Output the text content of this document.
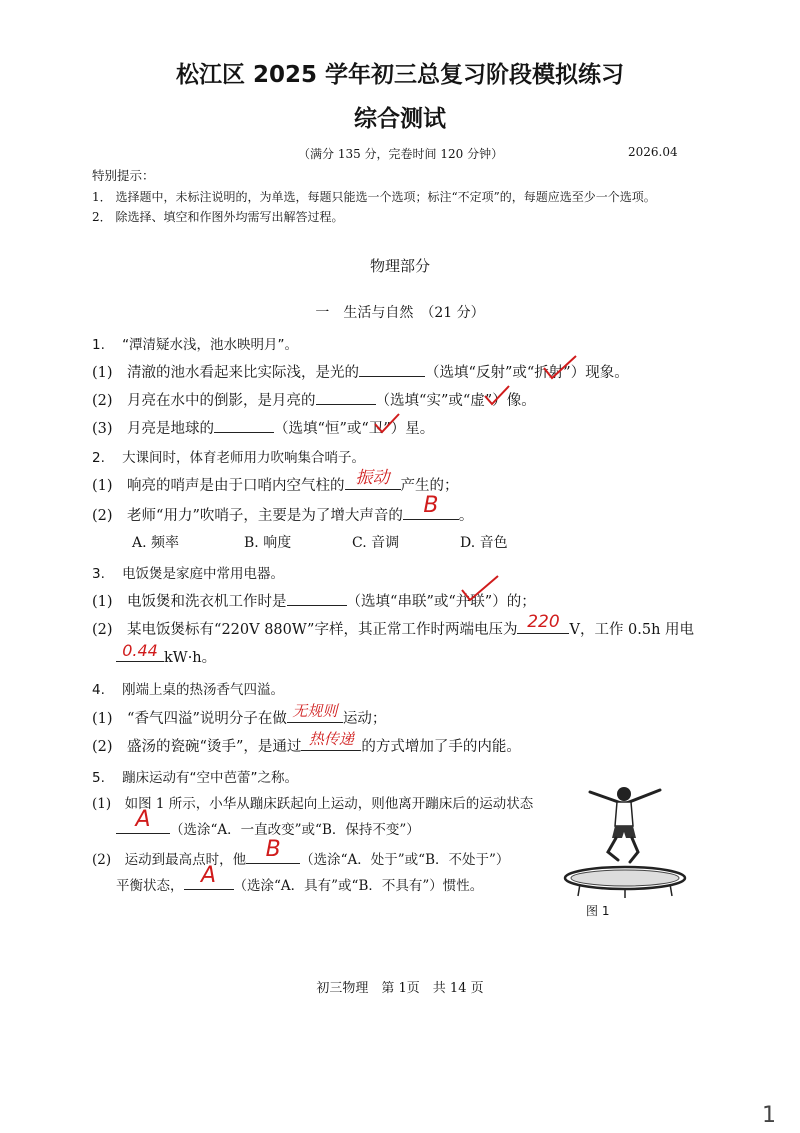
松江区 2025 学年初三总复习阶段模拟练习
综合测试
（满分 135 分，完卷时间 120 分钟）	2026.04
特别提示：
1． 选择题中，未标注说明的，为单选，每题只能选一个选项；标注“不定项”的，每题应选至少一个选项。
2． 除选择、填空和作图外均需写出解答过程。
物理部分
一　生活与自然　（21 分）
1. “潭清疑水浅，池水映明月”。
(1)　清澈的池水看起来比实际浅，是光的	（选填“反射”或“折射”）现象。
(2)　月亮在水中的倒影，是月亮的	（选填“实”或“虚”）像。
(3)　月亮是地球的	（选填“恒”或“卫”）星。
2. 大课间时，体育老师用力吹响集合哨子。
(1)　响亮的哨声是由于口哨内空气柱的 振动 产生的；
(2)　老师“用力”吹哨子，主要是为了增大声音的 B	。
A. 频率	B. 响度	C. 音调	D. 音色
3. 电饭煲是家庭中常用电器。
(1)　电饭煲和洗衣机工作时是	（选填“串联”或“并联”）的；
(2)　某电饭煲标有“220V 880W”字样，其正常工作时两端电压为 220 V，工作 0.5h 用电
0.44 kW·h。
4. 刚端上桌的热汤香气四溢。
(1)　“香气四溢”说明分子在做 无规则 运动；
(2)　盛汤的瓷碗“烫手”，是通过 热传递 的方式增加了手的内能。
5. 蹦床运动有“空中芭蕾”之称。
(1)　如图 1 所示，小华从蹦床跃起向上运动，则他离开蹦床后的运动状态
A	（选涂“A．一直改变”或“B．保持不变”）
(2)　运动到最高点时，他 B	（选涂“A．处于”或“B．不处于”）
平衡状态， A	（选涂“A．具有”或“B．不具有”）惯性。
图 1
初三物理　第 1页　共 14 页
1
